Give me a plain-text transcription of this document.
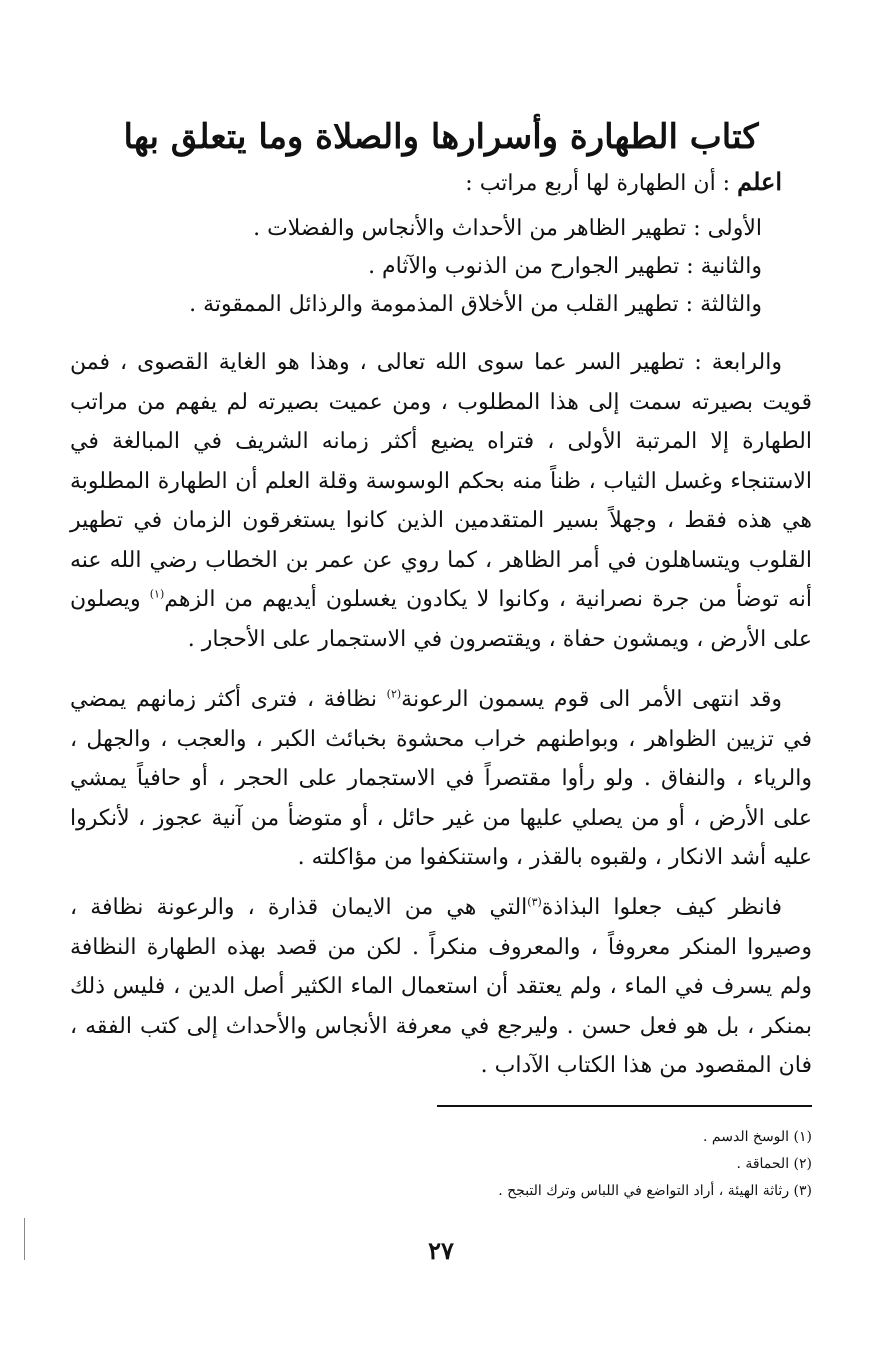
كتاب الطهارة وأسرارها والصلاة وما يتعلق بها
اعلم : أن الطهارة لها أربع مراتب :
الأولى : تطهير الظاهر من الأحداث والأنجاس والفضلات .
والثانية : تطهير الجوارح من الذنوب والآثام .
والثالثة : تطهير القلب من الأخلاق المذمومة والرذائل الممقوتة .

والرابعة : تطهير السر عما سوى الله تعالى ، وهذا هو الغاية القصوى ، فمن قويت بصيرته سمت إلى هذا المطلوب ، ومن عميت بصيرته لم يفهم من مراتب الطهارة إلا المرتبة الأولى ، فتراه يضيع أكثر زمانه الشريف في المبالغة في الاستنجاء وغسل الثياب ، ظناً منه بحكم الوسوسة وقلة العلم أن الطهارة المطلوبة هي هذه فقط ، وجهلاً بسير المتقدمين الذين كانوا يستغرقون الزمان في تطهير القلوب ويتساهلون في أمر الظاهر ، كما روي عن عمر بن الخطاب رضي الله عنه أنه توضأ من جرة نصرانية ، وكانوا لا يكادون يغسلون أيديهم من الزهم$^{(١)}$ ويصلون على الأرض ، ويمشون حفاة ، ويقتصرون في الاستجمار على الأحجار .

وقد انتهى الأمر الى قوم يسمون الرعونة$^{(٢)}$ نظافة ، فترى أكثر زمانهم يمضي في تزيين الظواهر ، وبواطنهم خراب محشوة بخبائث الكبر ، والعجب ، والجهل ، والرياء ، والنفاق . ولو رأوا مقتصراً في الاستجمار على الحجر ، أو حافياً يمشي على الأرض ، أو من يصلي عليها من غير حائل ، أو متوضأ من آنية عجوز ، لأنكروا عليه أشد الانكار ، ولقبوه بالقذر ، واستنكفوا من مؤاكلته .

فانظر كيف جعلوا البذاذة$^{(٣)}$التي هي من الايمان قذارة ، والرعونة نظافة ، وصيروا المنكر معروفاً ، والمعروف منكراً . لكن من قصد بهذه الطهارة النظافة ولم يسرف في الماء ، ولم يعتقد أن استعمال الماء الكثير أصل الدين ، فليس ذلك بمنكر ، بل هو فعل حسن . وليرجع في معرفة الأنجاس والأحداث إلى كتب الفقه ، فان المقصود من هذا الكتاب الآداب .

(١) الوسخ الدسم .
(٢) الحماقة .
(٣) رثاثة الهيئة ، أراد التواضع في اللباس وترك التبجح .
٢٧
